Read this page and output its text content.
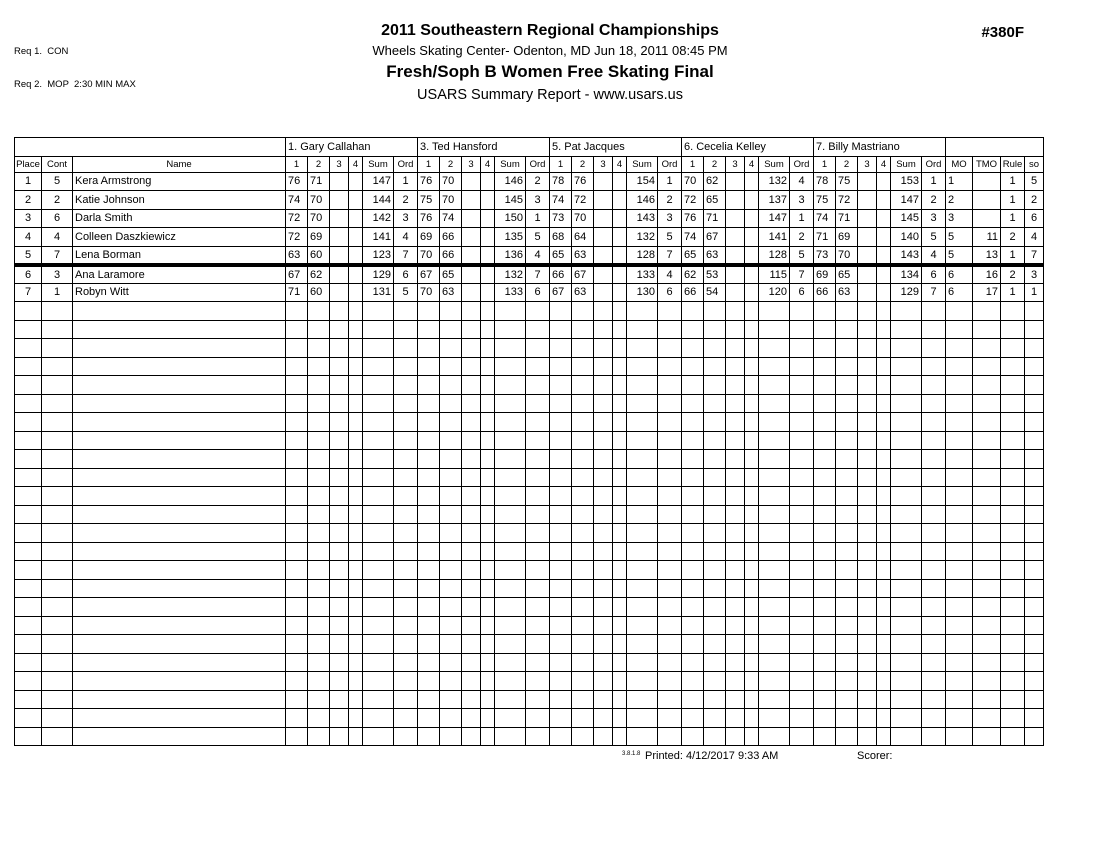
Req 1.  CON

Req 2.  MOP  2:30 MIN MAX

2011 Southeastern Regional Championships
Wheels Skating Center- Odenton, MD Jun 18, 2011 08:45 PM
Fresh/Soph B Women Free Skating Final
USARS Summary Report - www.usars.us
#380F
			1. Gary Callahan						3. Ted Hansford						5. Pat Jacques						6. Cecelia Kelley						7. Billy Mastriano									
Place	Cont	Name	1	2	3	4	Sum	Ord	1	2	3	4	Sum	Ord	1	2	3	4	Sum	Ord	1	2	3	4	Sum	Ord	1	2	3	4	Sum	Ord	MO	TMO	Rule	so
1	5	Kera Armstrong	76	71			147	1	76	70			146	2	78	76			154	1	70	62			132	4	78	75			153	1	1		1	5
2	2	Katie Johnson	74	70			144	2	75	70			145	3	74	72			146	2	72	65			137	3	75	72			147	2	2		1	2
3	6	Darla Smith	72	70			142	3	76	74			150	1	73	70			143	3	76	71			147	1	74	71			145	3	3		1	6
4	4	Colleen Daszkiewicz	72	69			141	4	69	66			135	5	68	64			132	5	74	67			141	2	71	69			140	5	5	11	2	4
5	7	Lena Borman	63	60			123	7	70	66			136	4	65	63			128	7	65	63			128	5	73	70			143	4	5	13	1	7
6	3	Ana Laramore	67	62			129	6	67	65			132	7	66	67			133	4	62	53			115	7	69	65			134	6	6	16	2	3
7	1	Robyn Witt	71	60			131	5	70	63			133	6	67	63			130	6	66	54			120	6	66	63			129	7	6	17	1	1

3.8.1.8 Printed: 4/12/2017 9:33 AM	Scorer:
